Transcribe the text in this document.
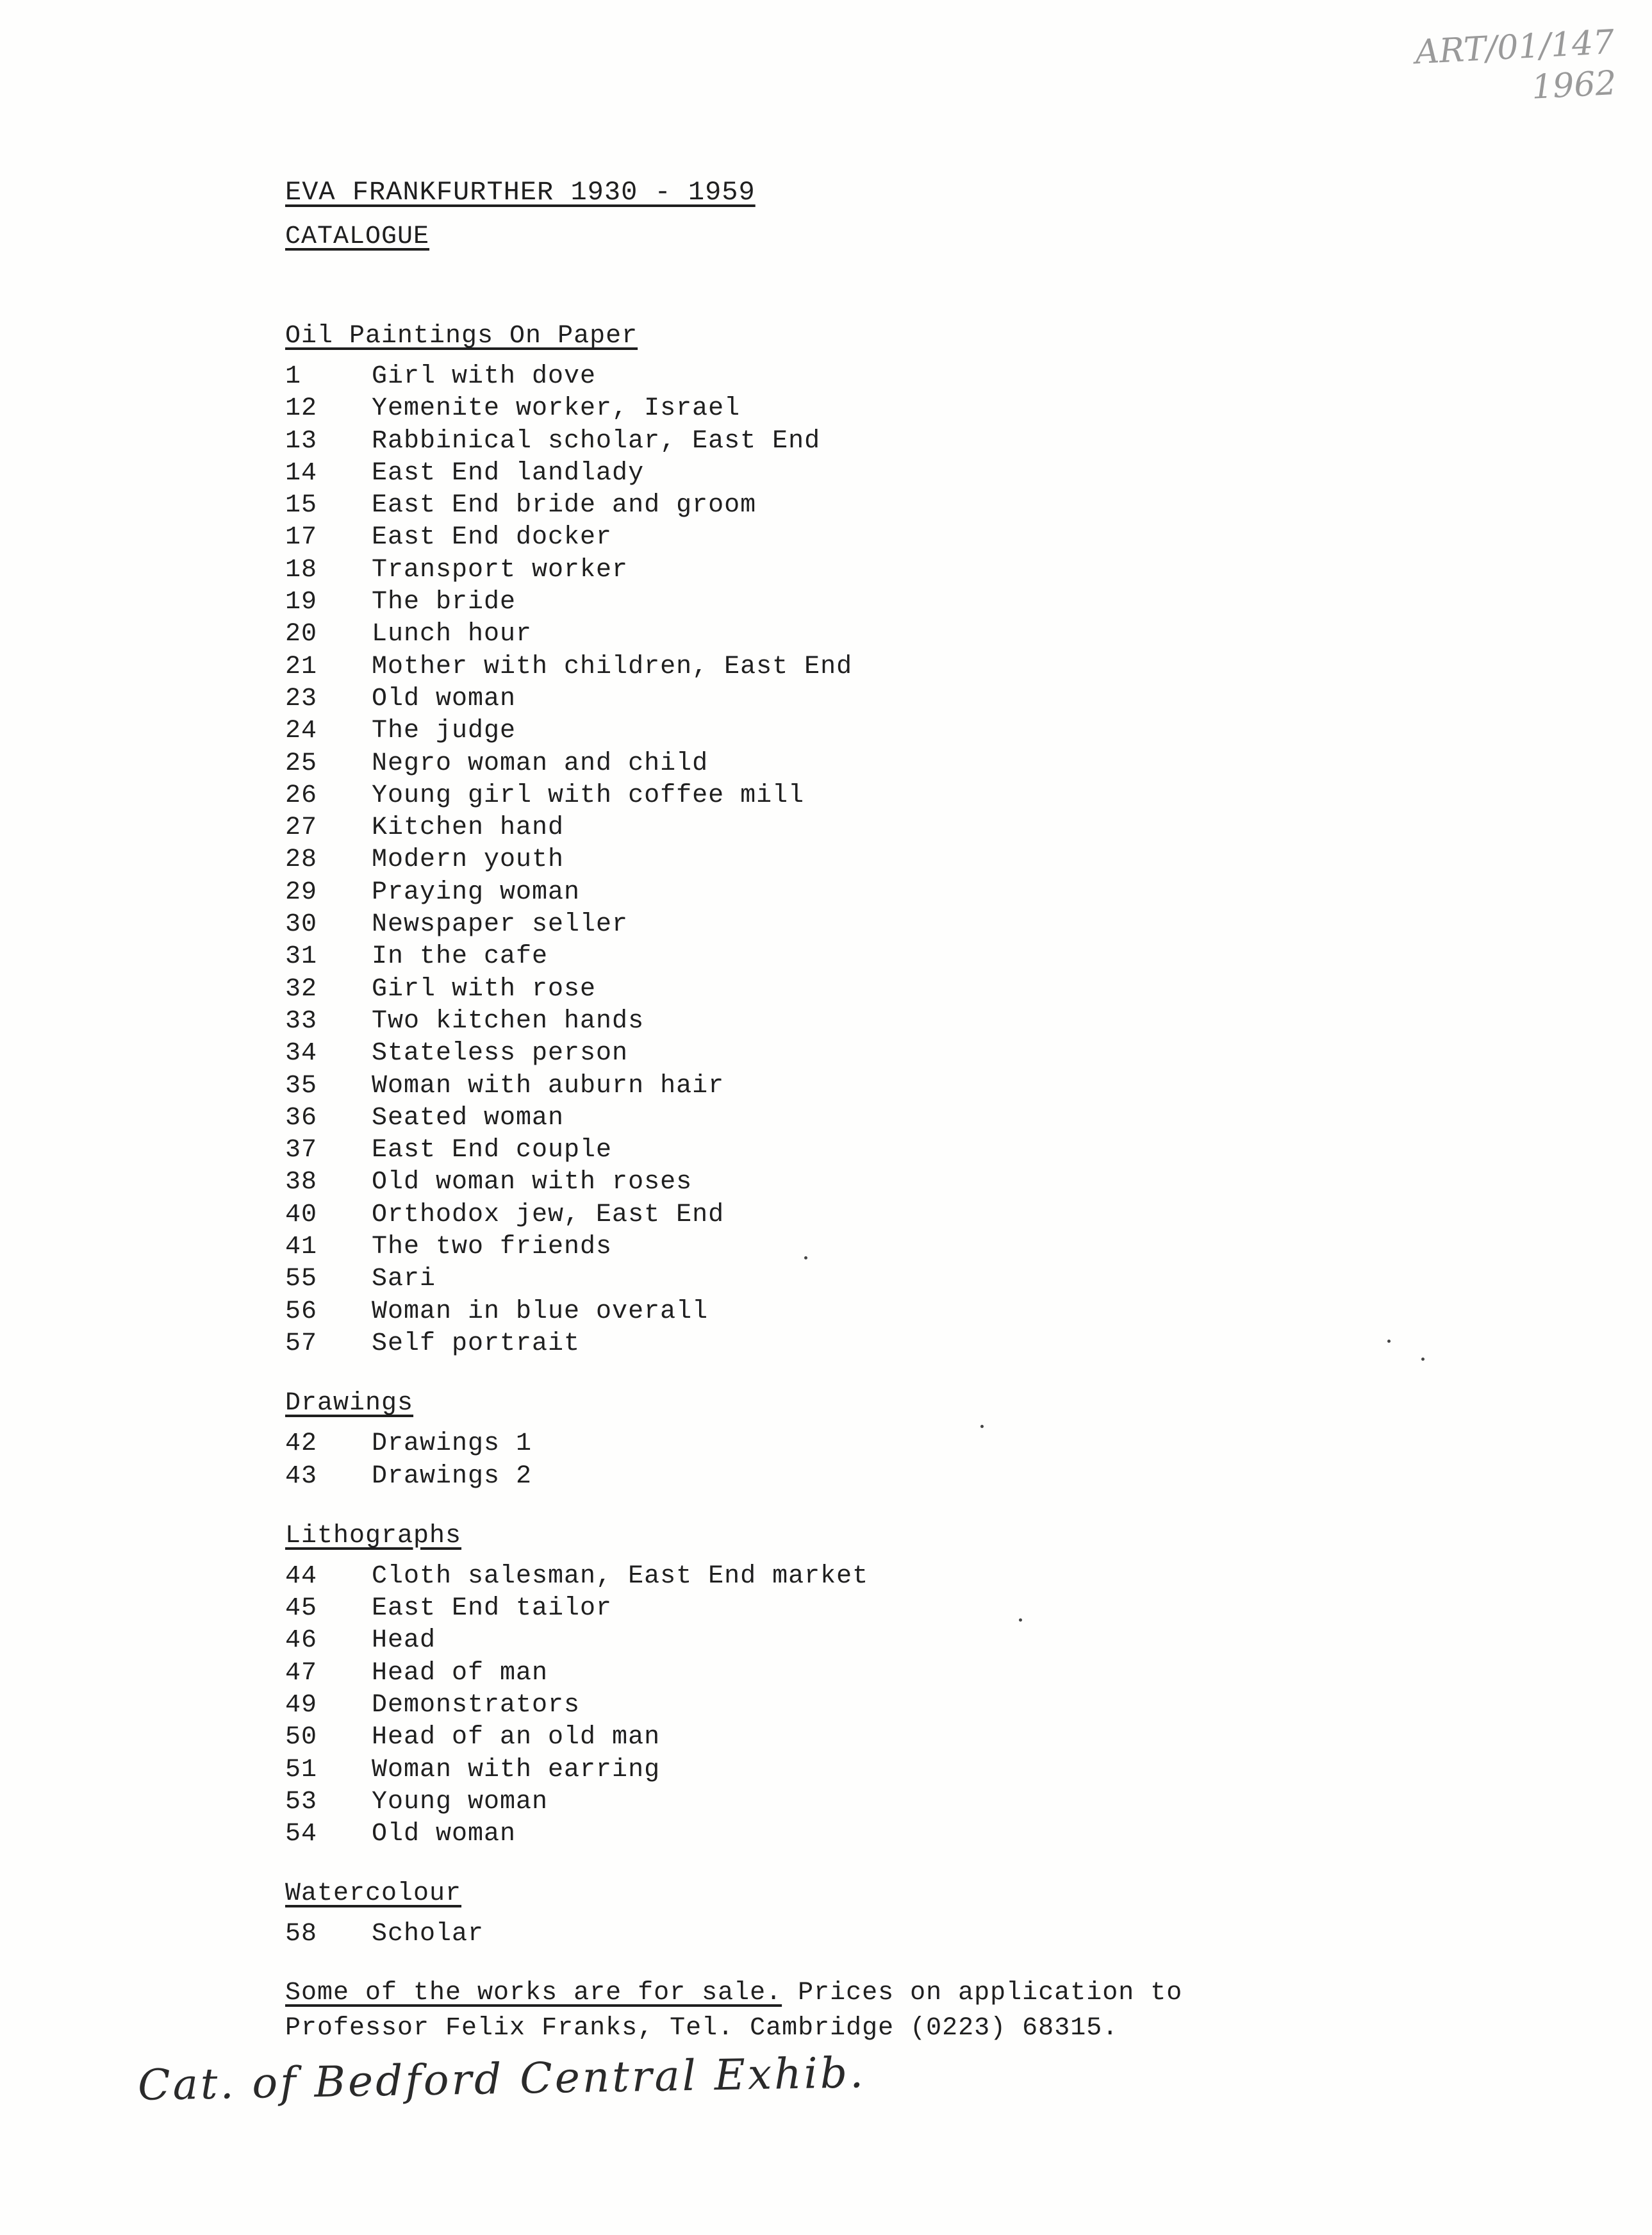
ART/01/147
1962
EVA FRANKFURTHER 1930 - 1959
CATALOGUE
Oil Paintings On Paper
1	Girl with dove
12	Yemenite worker, Israel
13	Rabbinical scholar, East End
14	East End landlady
15	East End bride and groom
17	East End docker
18	Transport worker
19	The bride
20	Lunch hour
21	Mother with children, East End
23	Old woman
24	The judge
25	Negro woman and child
26	Young girl with coffee mill
27	Kitchen hand
28	Modern youth
29	Praying woman
30	Newspaper seller
31	In the cafe
32	Girl with rose
33	Two kitchen hands
34	Stateless person
35	Woman with auburn hair
36	Seated woman
37	East End couple
38	Old woman with roses
40	Orthodox jew, East End
41	The two friends
55	Sari
56	Woman in blue overall
57	Self portrait
Drawings
42	Drawings 1
43	Drawings 2
Lithographs
44	Cloth salesman, East End market
45	East End tailor
46	Head
47	Head of man
49	Demonstrators
50	Head of an old man
51	Woman with earring
53	Young woman
54	Old woman
Watercolour
58	Scholar
Some of the works are for sale. Prices on application to
Professor Felix Franks, Tel. Cambridge (0223) 68315.
Cat. of Bedford Central Exhib.
